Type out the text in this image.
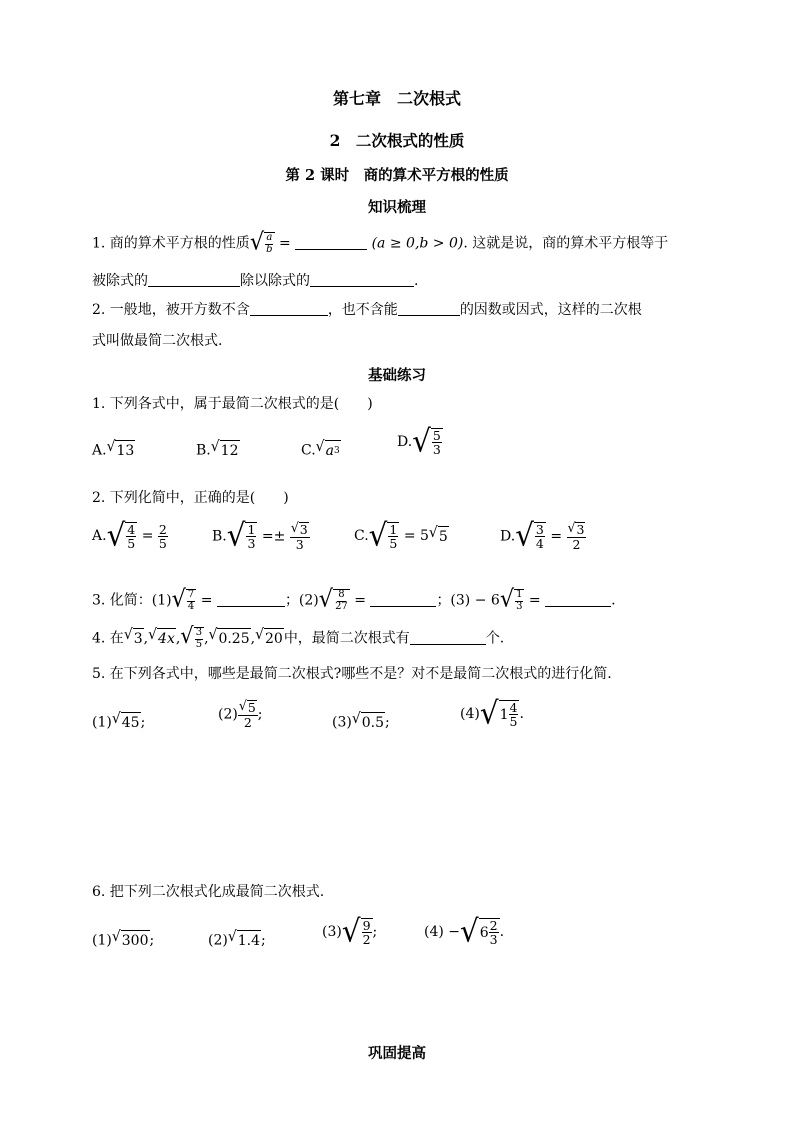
第七章　二次根式
2　二次根式的性质
第 2 课时　商的算术平方根的性质
知识梳理
1. 商的算术平方根的性质 √ $\frac{a}{b}$ =	(a ≥ 0,b > 0). 这就是说，商的算术平方根等于
被除式的	除以除式的	.
2. 一般地，被开方数不含	，也不含能	的因数或因式，这样的二次根
式叫做最简二次根式.
基础练习
1. 下列各式中，属于最简二次根式的是(　　)
A. √ 13	B. √ 12	C. √ a 3
D. √ $\frac{5}{3}$
2. 下列化简中，正确的是(　　)
A. √ $\frac{4}{5} = \frac{2}{5}$	B. √ $\frac{1}{3} =\pm \frac{√ 3}{3}$	C. √ $\frac{1}{5} = 5$ √ 5	D. √ $\frac{3}{4} = \frac{√ 3}{2}$
3. 化简：(1) √ $\frac{7}{4}$ =	；(2) √ $\frac{8}{27}$ =	；(3) − 6 √ $\frac{1}{3}$ =	.
4. 在 √ 3 , √ 4x , √ $\frac{3}{5}$ , √ 0.25 , √ 20 中，最简二次根式有	个.
5. 在下列各式中，哪些是最简二次根式?哪些不是？对不是最简二次根式的进行化简.
(1) √ 45 ;
$(2) \frac{√ 5}{2}$ ;
(3) √ 0.5 ;
(4) √ $1 \frac{4}{5}$ .
6. 把下列二次根式化成最简二次根式.
(1) √ 300 ;	(2) √ 1.4 ;
(3) √ $\frac{9}{2}$ ;	(4) − √ $6 \frac{2}{3}$ .
巩固提高
